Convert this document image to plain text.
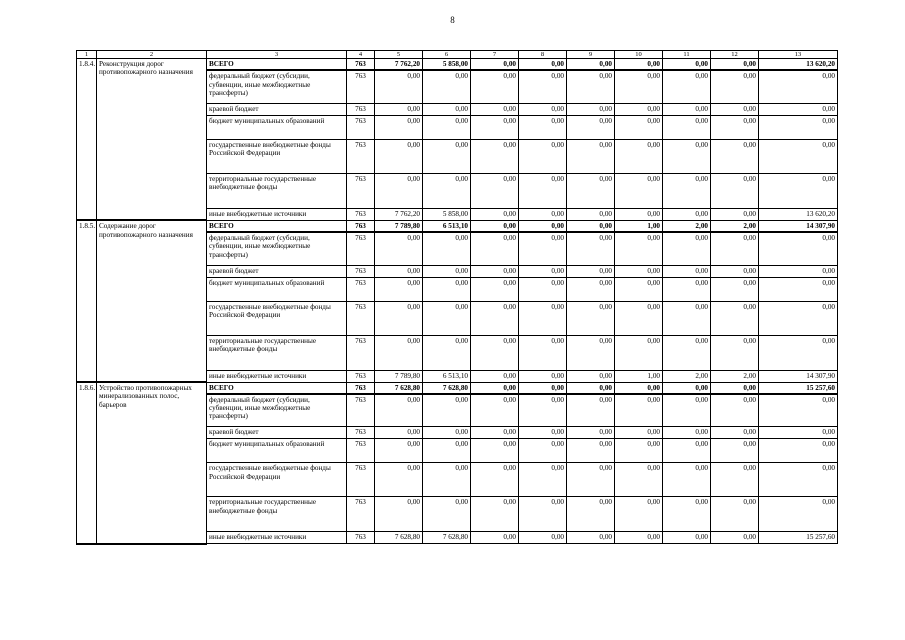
8
1	2	3	4	5	6	7	8	9	10	11	12	13
1.8.4.	Реконструкция дорог противопожарного назначения	ВСЕГО	763	7 762,20	5 858,00	0,00	0,00	0,00	0,00	0,00	0,00	13 620,20
		федеральный бюджет (субсидии, субвенции, иные межбюджетные трансферты)	763	0,00	0,00	0,00	0,00	0,00	0,00	0,00	0,00	0,00
		краевой бюджет	763	0,00	0,00	0,00	0,00	0,00	0,00	0,00	0,00	0,00
		бюджет муниципальных образований	763	0,00	0,00	0,00	0,00	0,00	0,00	0,00	0,00	0,00
		государственные внебюджетные фонды Российской Федерации	763	0,00	0,00	0,00	0,00	0,00	0,00	0,00	0,00	0,00
		территориальные государственные внебюджетные фонды	763	0,00	0,00	0,00	0,00	0,00	0,00	0,00	0,00	0,00
		иные внебюджетные источники	763	7 762,20	5 858,00	0,00	0,00	0,00	0,00	0,00	0,00	13 620,20
1.8.5.	Содержание дорог противопожарного назначения	ВСЕГО	763	7 789,80	6 513,10	0,00	0,00	0,00	1,00	2,00	2,00	14 307,90
		федеральный бюджет (субсидии, субвенции, иные межбюджетные трансферты)	763	0,00	0,00	0,00	0,00	0,00	0,00	0,00	0,00	0,00
		краевой бюджет	763	0,00	0,00	0,00	0,00	0,00	0,00	0,00	0,00	0,00
		бюджет муниципальных образований	763	0,00	0,00	0,00	0,00	0,00	0,00	0,00	0,00	0,00
		государственные внебюджетные фонды Российской Федерации	763	0,00	0,00	0,00	0,00	0,00	0,00	0,00	0,00	0,00
		территориальные государственные внебюджетные фонды	763	0,00	0,00	0,00	0,00	0,00	0,00	0,00	0,00	0,00
		иные внебюджетные источники	763	7 789,80	6 513,10	0,00	0,00	0,00	1,00	2,00	2,00	14 307,90
1.8.6.	Устройство противопожарных минерализованных полос, барьеров	ВСЕГО	763	7 628,80	7 628,80	0,00	0,00	0,00	0,00	0,00	0,00	15 257,60
		федеральный бюджет (субсидии, субвенции, иные межбюджетные трансферты)	763	0,00	0,00	0,00	0,00	0,00	0,00	0,00	0,00	0,00
		краевой бюджет	763	0,00	0,00	0,00	0,00	0,00	0,00	0,00	0,00	0,00
		бюджет муниципальных образований	763	0,00	0,00	0,00	0,00	0,00	0,00	0,00	0,00	0,00
		государственные внебюджетные фонды Российской Федерации	763	0,00	0,00	0,00	0,00	0,00	0,00	0,00	0,00	0,00
		территориальные государственные внебюджетные фонды	763	0,00	0,00	0,00	0,00	0,00	0,00	0,00	0,00	0,00
		иные внебюджетные источники	763	7 628,80	7 628,80	0,00	0,00	0,00	0,00	0,00	0,00	15 257,60
